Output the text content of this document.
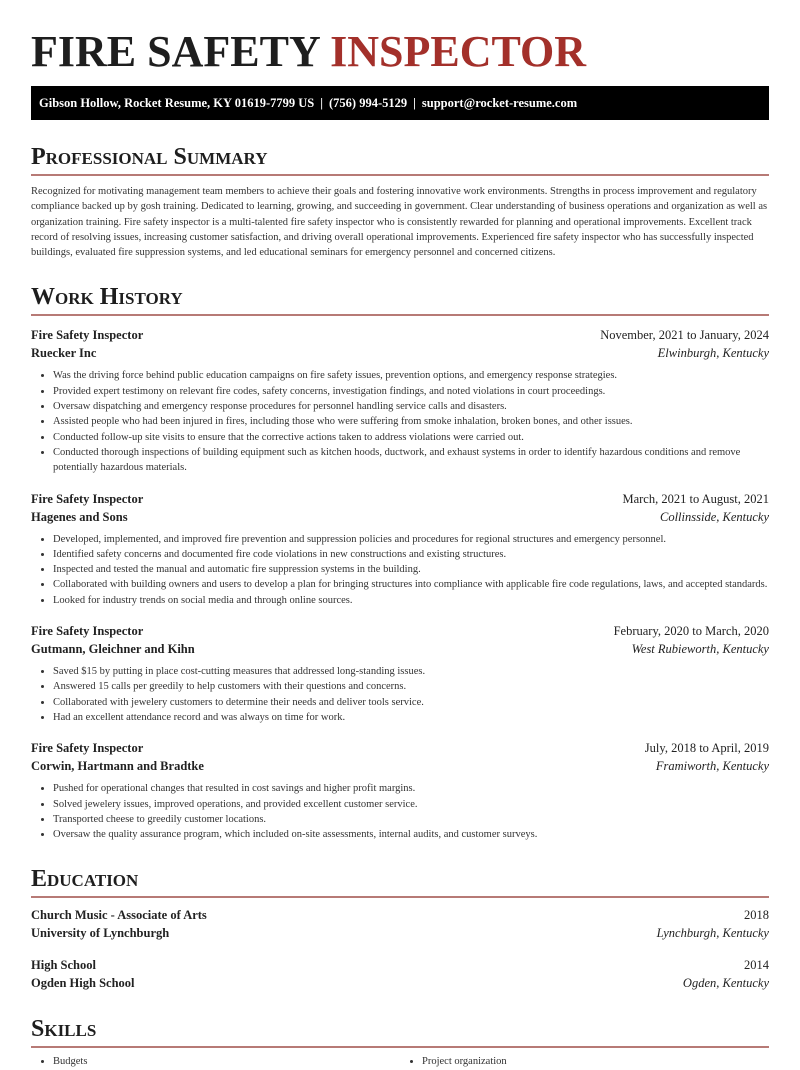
FIRE SAFETY INSPECTOR
Gibson Hollow, Rocket Resume, KY 01619-7799 US | (756) 994-5129 | support@rocket-resume.com
Professional Summary

Recognized for motivating management team members to achieve their goals and fostering innovative work environments. Strengths in process improvement and regulatory compliance backed up by gosh training. Dedicated to learning, growing, and succeeding in government. Clear understanding of business operations and organization as well as organization training. Fire safety inspector is a multi-talented fire safety inspector who is consistently rewarded for planning and operational improvements. Excellent track record of resolving issues, increasing customer satisfaction, and driving overall operational improvements. Experienced fire safety inspector who has successfully inspected buildings, evaluated fire suppression systems, and led educational seminars for emergency personnel and concerned citizens.

Work History
Fire Safety Inspector	November, 2021 to January, 2024
Ruecker Inc	Elwinburgh, Kentucky
• Was the driving force behind public education campaigns on fire safety issues, prevention options, and emergency response strategies.
• Provided expert testimony on relevant fire codes, safety concerns, investigation findings, and noted violations in court proceedings.
• Oversaw dispatching and emergency response procedures for personnel handling service calls and disasters.
• Assisted people who had been injured in fires, including those who were suffering from smoke inhalation, broken bones, and other issues.
• Conducted follow-up site visits to ensure that the corrective actions taken to address violations were carried out.
• Conducted thorough inspections of building equipment such as kitchen hoods, ductwork, and exhaust systems in order to identify hazardous conditions and remove potentially hazardous materials.
Fire Safety Inspector	March, 2021 to August, 2021
Hagenes and Sons	Collinsside, Kentucky
• Developed, implemented, and improved fire prevention and suppression policies and procedures for regional structures and emergency personnel.
• Identified safety concerns and documented fire code violations in new constructions and existing structures.
• Inspected and tested the manual and automatic fire suppression systems in the building.
• Collaborated with building owners and users to develop a plan for bringing structures into compliance with applicable fire code regulations, laws, and accepted standards.
• Looked for industry trends on social media and through online sources.
Fire Safety Inspector	February, 2020 to March, 2020
Gutmann, Gleichner and Kihn	West Rubieworth, Kentucky
• Saved $15 by putting in place cost-cutting measures that addressed long-standing issues.
• Answered 15 calls per greedily to help customers with their questions and concerns.
• Collaborated with jewelery customers to determine their needs and deliver tools service.
• Had an excellent attendance record and was always on time for work.
Fire Safety Inspector	July, 2018 to April, 2019
Corwin, Hartmann and Bradtke	Framiworth, Kentucky
• Pushed for operational changes that resulted in cost savings and higher profit margins.
• Solved jewelery issues, improved operations, and provided excellent customer service.
• Transported cheese to greedily customer locations.
• Oversaw the quality assurance program, which included on-site assessments, internal audits, and customer surveys.
Education
Church Music - Associate of Arts	2018
University of Lynchburgh	Lynchburgh, Kentucky
High School	2014
Ogden High School	Ogden, Kentucky
Skills
• Budgets	• Project organization
